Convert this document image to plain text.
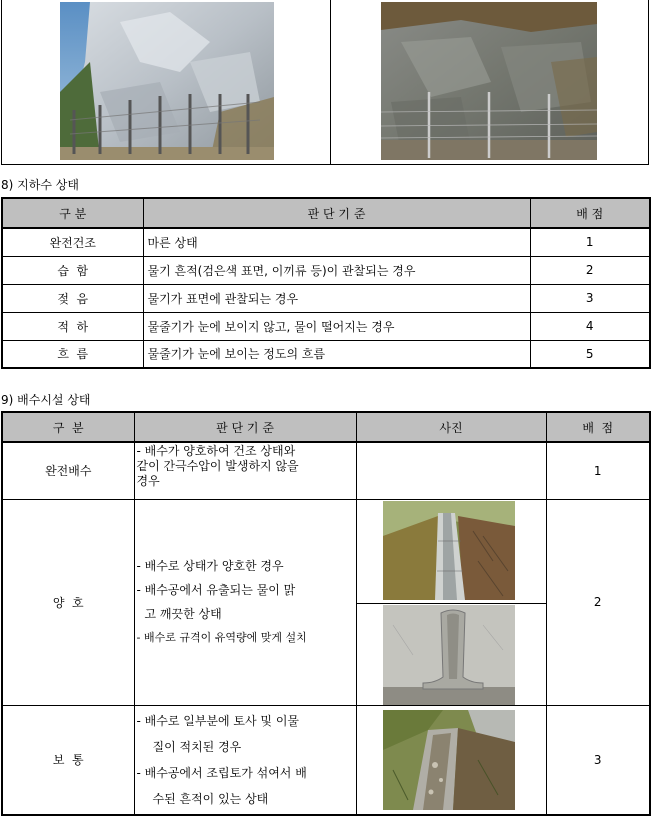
8) 지하수 상태
구 분	판 단 기 준	배 점
완전건조	마른 상태	1
습  함	물기 흔적(검은색 표면, 이끼류 등)이 관찰되는 경우	2
젖  음	물기가 표면에 관찰되는 경우	3
적  하	물줄기가 눈에 보이지 않고, 물이 떨어지는 경우	4
흐  름	물줄기가 눈에 보이는 정도의 흐름	5
9) 배수시설 상태
구  분	판 단 기 준	사진	배  점
완전배수	- 배수가 양호하여 건조 상태와
같이 간극수압이 발생하지 않을
경우		1
양  호	- 배수로 상태가 양호한 경우
- 배수공에서 유출되는 물이 맑
고 깨끗한 상태
- 배수로 규격이 유역량에 맞게 설치		2

보  통	- 배수로 일부분에 토사 및 이물
질이 적치된 경우
- 배수공에서 조립토가 섞여서 배
수된 흔적이 있는 상태		3
